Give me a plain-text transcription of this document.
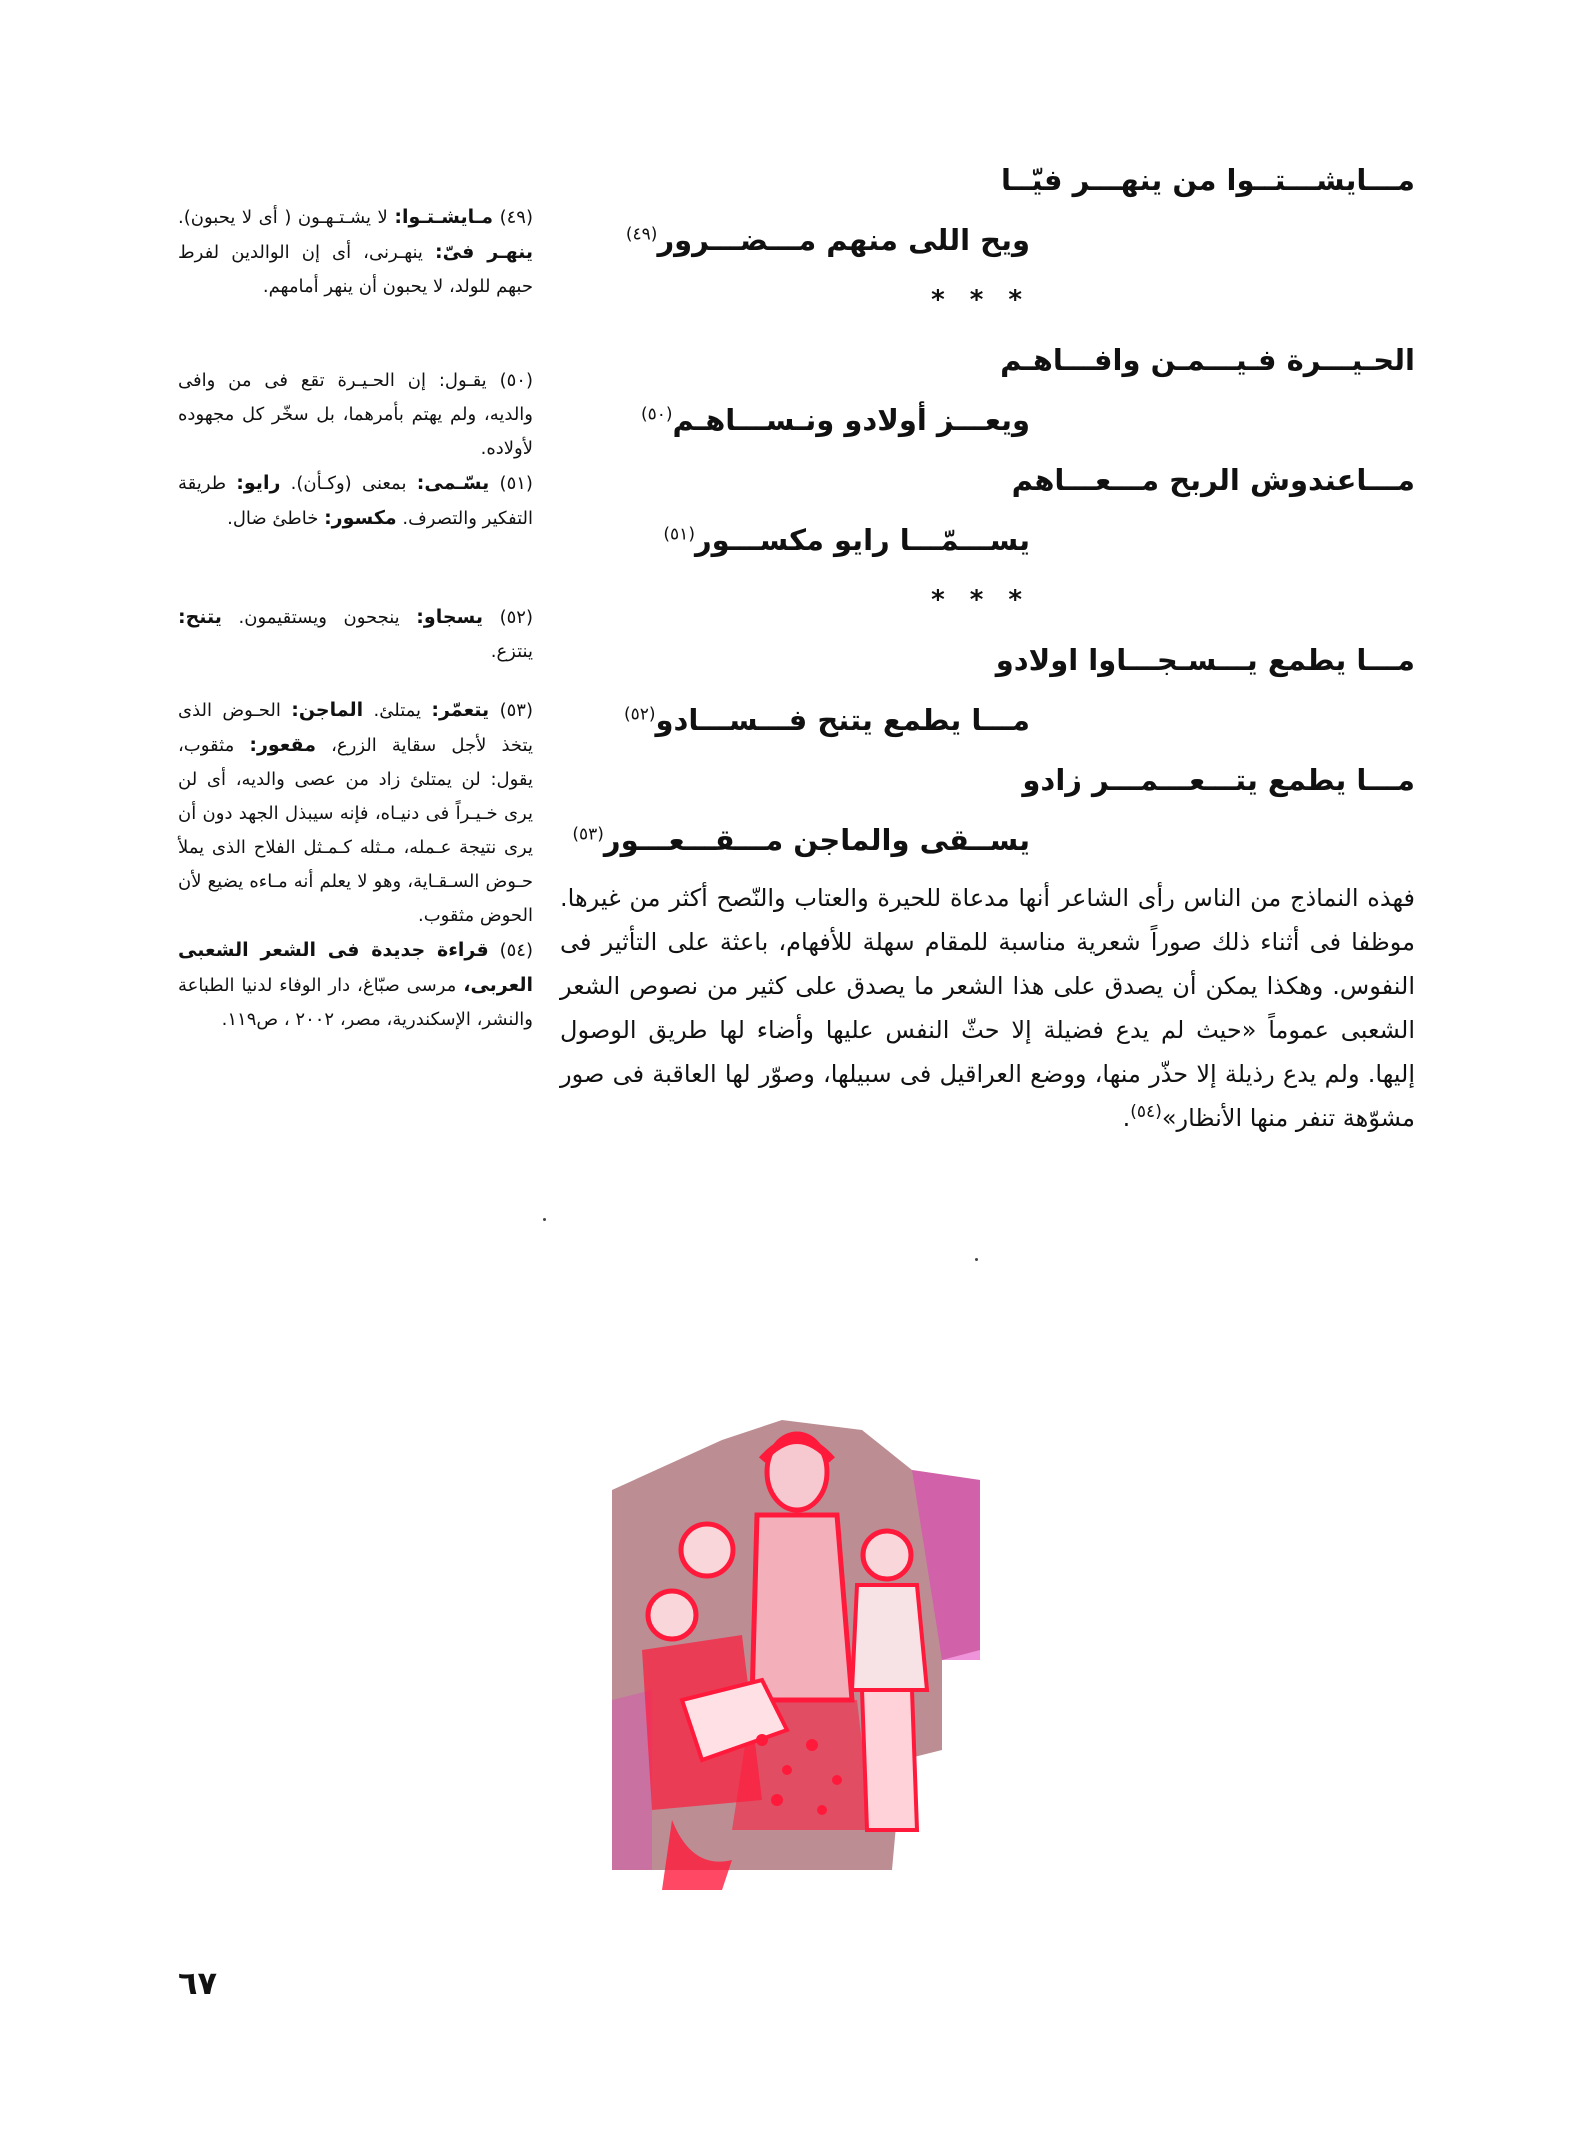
مـــايشـــتــوا من ينهـــر فيّــا
ويح اللى منهم مـــضـــرور$^{(٤٩)}$
* * *
الحـيـــرة فـيـــمـن وافـــاهـم
ويعـــز أولادو ونـســـاهـم$^{(٥٠)}$
مـــاعندوش الربح مـــعـــاهم
يســـمّـــا رايو مكســـور$^{(٥١)}$
* * *
مـــا يطمع يـــسـجـــاوا اولادو
مـــا يطمع يتنح فـــســـادو$^{(٥٢)}$
مـــا يطمع يتـــعـــمـــر زادو
يســقى والماجن مـــقـــعـــور$^{(٥٣)}$
فهذه النماذج من الناس رأى الشاعر أنها مدعاة للحيرة والعتاب والنّصح أكثر من غيرها. موظفا فى أثناء ذلك صوراً شعرية مناسبة للمقام سهلة للأفهام، باعثة على التأثير فى النفوس. وهكذا يمكن أن يصدق على هذا الشعر ما يصدق على كثير من نصوص الشعر الشعبى عموماً «حيث لم يدع فضيلة إلا حثّ النفس عليها وأضاء لها طريق الوصول إليها. ولم يدع رذيلة إلا حذّر منها، ووضع العراقيل فى سبيلها، وصوّر لها العاقبة فى صور مشوّهة تنفر منها الأنظار»$^{(٥٤)}$.

(٤٩) مـايشـتـوا: لا يشـتـهـون ( أى لا يحبون). ينهـر فىّ: ينهـرنى، أى إن الوالدين لفرط حبهم للولد، لا يحبون أن ينهر أمامهم.

(٥٠) يقـول: إن الحـيـرة تقع فى من وافى والديه، ولم يهتم بأمرهما، بل سخّر كل مجهوده لأولاده.

(٥١) يسّـمى: بمعنى (وكـأن). رايو: طريقة التفكير والتصرف. مكسور: خاطئ ضال.

(٥٢) يسجاو: ينجحون ويستقيمون. يتنح: ينتزع.

(٥٣) يتعمّر: يمتلئ. الماجن: الحـوض الذى يتخذ لأجل سقاية الزرع، مقعور: مثقوب، يقول: لن يمتلئ زاد من عصى والديه، أى لن يرى خـيـراً فى دنيـاه، فإنه سيبذل الجهد دون أن يرى نتيجة عـمله، مـثله كـمـثل الفلاح الذى يملأ حـوض السـقـاية، وهو لا يعلم أنه مـاءه يضيع لأن الحوض مثقوب.

(٥٤) قراءة جديدة فى الشعر الشعبى العربى، مرسى صبّاغ، دار الوفاء لدنيا الطباعة والنشر، الإسكندرية، مصر، ٢٠٠٢ ، ص١١٩.

٦٧
